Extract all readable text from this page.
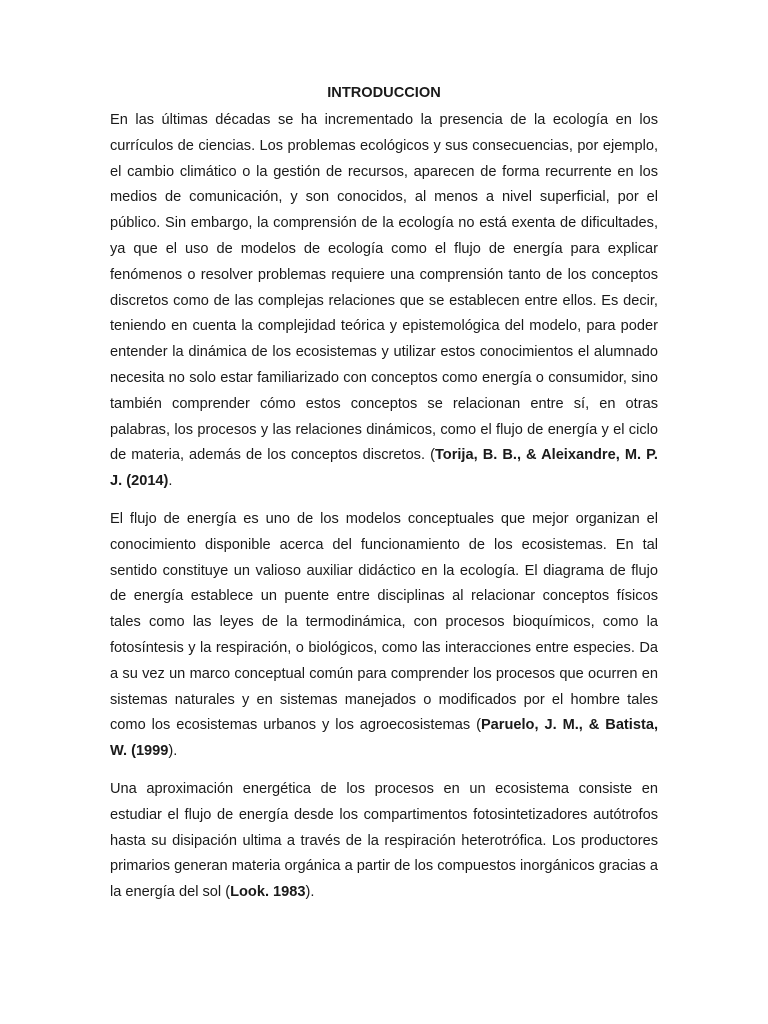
INTRODUCCION

En las últimas décadas se ha incrementado la presencia de la ecología en los currículos de ciencias. Los problemas ecológicos y sus consecuencias, por ejemplo, el cambio climático o la gestión de recursos, aparecen de forma recurrente en los medios de comunicación, y son conocidos, al menos a nivel superficial, por el público. Sin embargo, la comprensión de la ecología no está exenta de dificultades, ya que el uso de modelos de ecología como el flujo de energía para explicar fenómenos o resolver problemas requiere una comprensión tanto de los conceptos discretos como de las complejas relaciones que se establecen entre ellos. Es decir, teniendo en cuenta la complejidad teórica y epistemológica del modelo, para poder entender la dinámica de los ecosistemas y utilizar estos conocimientos el alumnado necesita no solo estar familiarizado con conceptos como energía o consumidor, sino también comprender cómo estos conceptos se relacionan entre sí, en otras palabras, los procesos y las relaciones dinámicos, como el flujo de energía y el ciclo de materia, además de los conceptos discretos. (Torija, B. B., & Aleixandre, M. P. J. (2014).

El flujo de energía es uno de los modelos conceptuales que mejor organizan el conocimiento disponible acerca del funcionamiento de los ecosistemas. En tal sentido constituye un valioso auxiliar didáctico en la ecología. El diagrama de flujo de energía establece un puente entre disciplinas al relacionar conceptos físicos tales como las leyes de la termodinámica, con procesos bioquímicos, como la fotosíntesis y la respiración, o biológicos, como las interacciones entre especies. Da a su vez un marco conceptual común para comprender los procesos que ocurren en sistemas naturales y en sistemas manejados o modificados por el hombre tales como los ecosistemas urbanos y los agroecosistemas (Paruelo, J. M., & Batista, W. (1999).

Una aproximación energética de los procesos en un ecosistema consiste en estudiar el flujo de energía desde los compartimentos fotosintetizadores autótrofos hasta su disipación ultima a través de la respiración heterotrófica. Los productores primarios generan materia orgánica a partir de los compuestos inorgánicos gracias a la energía del sol (Look. 1983).
